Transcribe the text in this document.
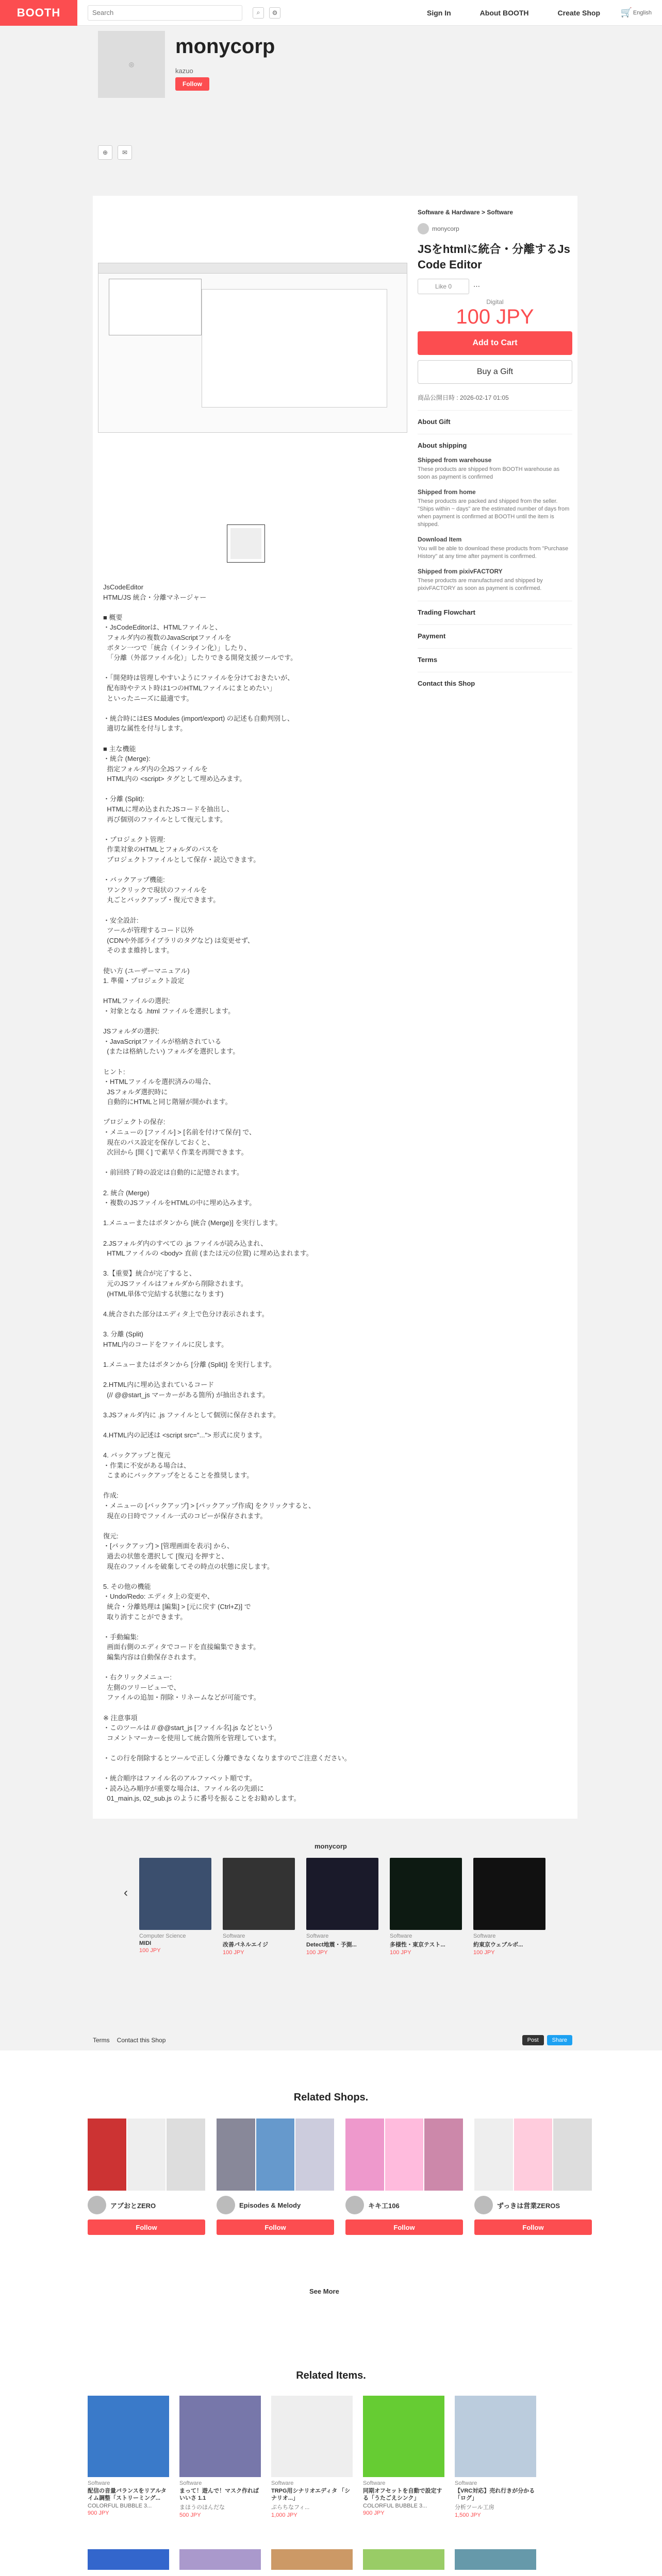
BOOTH
Search	⌕	⚙	Sign In	About BOOTH	Create Shop 🛒 English
◎
monycorp
kazuo
Follow
⊕	✉
JsCodeEditor
HTML/JS 統合・分離マネージャー

■ 概要
・JsCodeEditorは、HTMLファイルと、
フォルダ内の複数のJavaScriptファイルを
ボタン一つで「統合（インライン化）」したり、
「分離（外部ファイル化）」したりできる開発支援ツールです。

・「開発時は管理しやすいようにファイルを分けておきたいが、
配布時やテスト時は1つのHTMLファイルにまとめたい」
といったニーズに最適です。

・統合時にはES Modules (import/export) の記述も自動判別し、
適切な属性を付与します。

■ 主な機能
・統合 (Merge):
指定フォルダ内の全JSファイルを
HTML内の <script> タグとして埋め込みます。

・分離 (Split):
HTMLに埋め込まれたJSコードを抽出し、
再び個別のファイルとして復元します。

・プロジェクト管理:
作業対象のHTMLとフォルダのパスを
プロジェクトファイルとして保存・読込できます。

・バックアップ機能:
ワンクリックで現状のファイルを
丸ごとバックアップ・復元できます。

・安全設計:
ツールが管理するコード以外
(CDNや外部ライブラリのタグなど) は変更せず、
そのまま維持します。

使い方 (ユーザーマニュアル)
1. 準備・プロジェクト設定

HTMLファイルの選択:
・対象となる .html ファイルを選択します。

JSフォルダの選択:
・JavaScriptファイルが格納されている
(または格納したい) フォルダを選択します。

ヒント:
・HTMLファイルを選択済みの場合、
JSフォルダ選択時に
自動的にHTMLと同じ階層が開かれます。

プロジェクトの保存:
・メニューの [ファイル] > [名前を付けて保存] で、
現在のパス設定を保存しておくと、
次回から [開く] で素早く作業を再開できます。

・前回終了時の設定は自動的に記憶されます。

2. 統合 (Merge)
・複数のJSファイルをHTMLの中に埋め込みます。

1.メニューまたはボタンから [統合 (Merge)] を実行します。

2.JSフォルダ内のすべての .js ファイルが読み込まれ、
HTMLファイルの <body> 直前 (または元の位置) に埋め込まれます。

3.【重要】統合が完了すると、
元のJSファイルはフォルダから削除されます。
(HTML単体で完結する状態になります)

4.統合された部分はエディタ上で色分け表示されます。

3. 分離 (Split)
HTML内のコードをファイルに戻します。

1.メニューまたはボタンから [分離 (Split)] を実行します。

2.HTML内に埋め込まれているコード
(// @@start_js マーカーがある箇所) が抽出されます。

3.JSフォルダ内に .js ファイルとして個別に保存されます。

4.HTML内の記述は <script src="..."> 形式に戻ります。

4. バックアップと復元
・作業に不安がある場合は、
こまめにバックアップをとることを推奨します。

作成:
・メニューの [バックアップ] > [バックアップ作成] をクリックすると、
現在の日時でファイル一式のコピーが保存されます。

復元:
・[バックアップ] > [管理画面を表示] から、
過去の状態を選択して [復元] を押すと、
現在のファイルを破棄してその時点の状態に戻します。

5. その他の機能
・Undo/Redo: エディタ上の変更や、
統合・分離処理は [編集] > [元に戻す (Ctrl+Z)] で
取り消すことができます。

・手動編集:
画面右側のエディタでコードを直接編集できます。
編集内容は自動保存されます。

・右クリックメニュー:
左側のツリービューで、
ファイルの追加・削除・リネームなどが可能です。

※ 注意事項
・このツールは // @@start_js [ファイル名].js などという
コメントマーカーを使用して統合箇所を管理しています。

・この行を削除するとツールで正しく分離できなくなりますのでご注意ください。

・統合順序はファイル名のアルファベット順です。
・読み込み順序が重要な場合は、ファイル名の先頭に
01_main.js, 02_sub.js のように番号を振ることをお勧めします。
Software & Hardware > Software
monycorp
JSをhtmlに統合・分離するJs Code Editor
Like 0	⋯
Digital
100 JPY
Add to Cart
Buy a Gift
商品公開日時 : 2026-02-17 01:05
About Gift
About shipping
Shipped from warehouse
These products are shipped from BOOTH warehouse as soon as payment is confirmed
Shipped from home
These products are packed and shipped from the seller. "Ships within ~ days" are the estimated number of days from when payment is confirmed at BOOTH until the item is shipped.
Download Item
You will be able to download these products from "Purchase History" at any time after payment is confirmed.
Shipped from pixivFACTORY
These products are manufactured and shipped by pixivFACTORY as soon as payment is confirmed.
Trading Flowchart
Payment
Terms
Contact this Shop
monycorp
‹
Computer Science
MIDI
100 JPY
Software
改善パネルエイジ
100 JPY
Software
Detect地震・予測...
100 JPY
Software
多様性・東京テスト...
100 JPY
Software
約東京ウェブルボ...
100 JPY
Terms Contact this Shop	Post	Share
Related Shops.
アブおとZERO
Follow
Episodes & Melody
Follow
キキ工106
Follow
ずっきは営業ZEROS
Follow
See More
Related Items.
Software
配信の音量バランスをリアルタイム調整「ストリーミング...
COLORFUL BUBBLE 3...
900 JPY
Software
まって！遊んで！マスク作ればいいさ 1.1
まほうのほんだな
500 JPY
Software
TRPG用シナリオエディタ 「シナリオ...」
ぷらちなフィ...
1,000 JPY
Software
同期オフセットを自動で設定する「うたごえシンク」
COLORFUL BUBBLE 3...
900 JPY
Software
【VRC対応】売れ行きが分かる「ログ」
分析ツール工房
1,500 JPY
